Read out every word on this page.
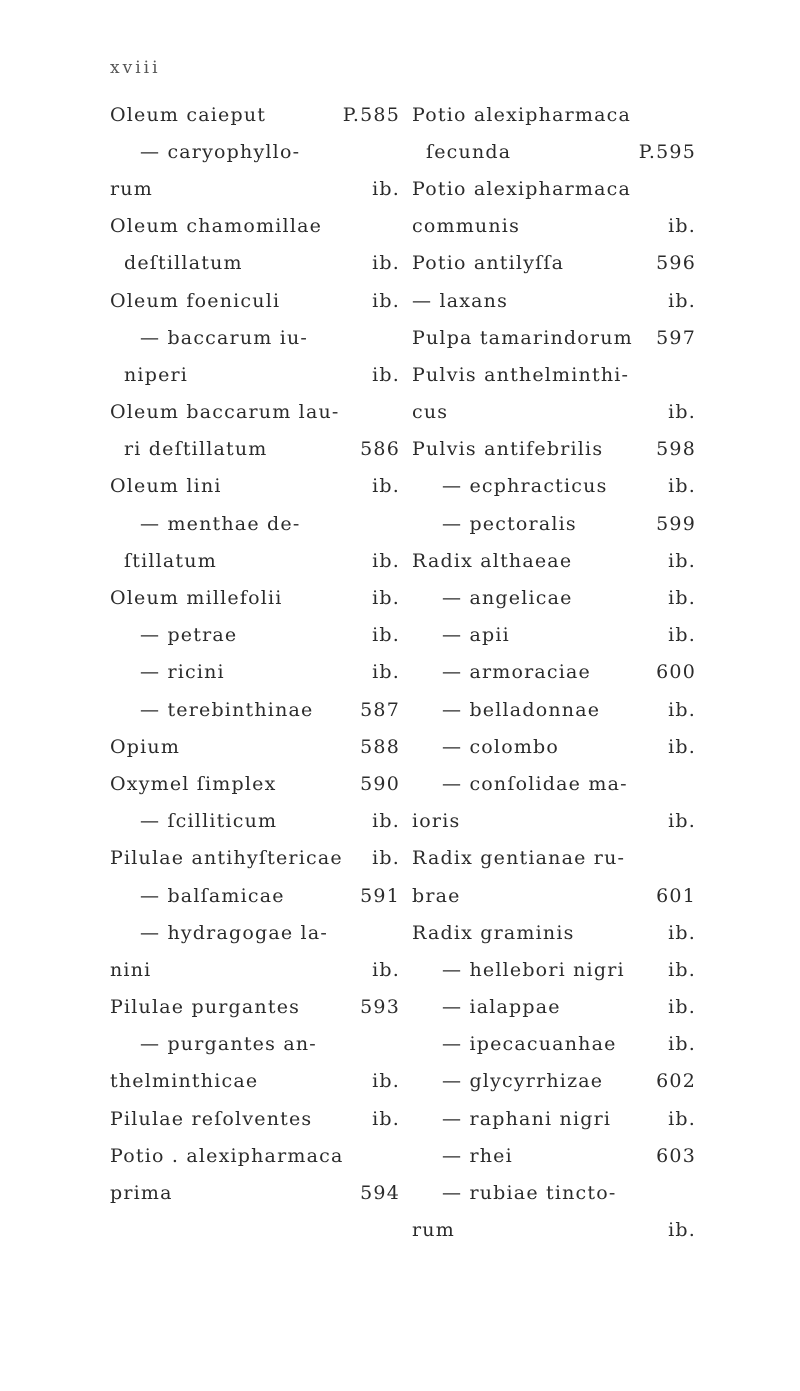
xviii
Oleum caieput	P.585
— caryophyllo-
rum	ib.
Oleum chamomillae
deſtillatum	ib.
Oleum foeniculi	ib.
— baccarum iu-
niperi	ib.
Oleum baccarum lau-
ri deſtillatum	586
Oleum lini	ib.
— menthae de-
ſtillatum	ib.
Oleum millefolii	ib.
— petrae	ib.
— ricini	ib.
— terebinthinae 587
Opium	588
Oxymel ſimplex	590
— ſcilliticum	ib.
Pilulae antihyſtericae	ib.
— balſamicae	591
— hydragogae la-
nini	ib.
Pilulae purgantes	593
— purgantes an-
thelminthicae	ib.
Pilulae reſolventes	ib.
Potio . alexipharmaca
prima	594
Potio alexipharmaca
ſecunda	P.595
Potio alexipharmaca
communis	ib.
Potio antilyſſa	596
— laxans	ib.
Pulpa tamarindorum 597
Pulvis anthelminthi-
cus	ib.
Pulvis antifebrilis	598
— ecphracticus	ib.
— pectoralis	599
Radix althaeae	ib.
— angelicae	ib.
— apii	ib.
— armoraciae	600
— belladonnae	ib.
— colombo	ib.
— conſolidae ma-
ioris	ib.
Radix gentianae ru-
brae	601
Radix graminis	ib.
— hellebori nigri	ib.
— ialappae	ib.
— ipecacuanhae	ib.
— glycyrrhizae	602
— raphani nigri	ib.
— rhei	603
— rubiae tincto-
rum	ib.
